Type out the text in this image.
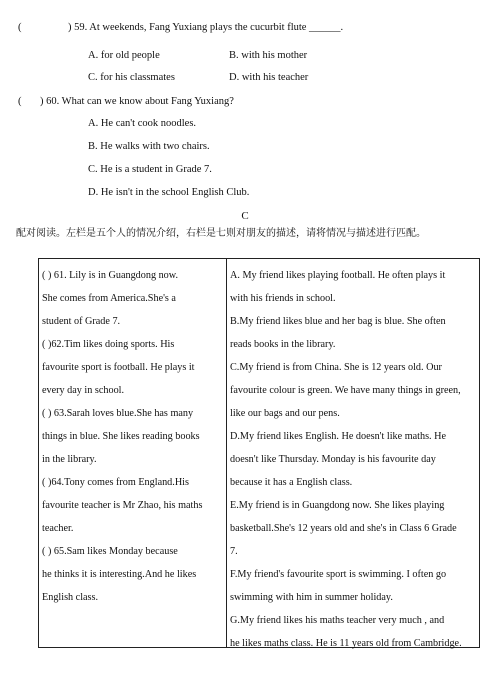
(	) 59. At weekends, Fang Yuxiang plays the cucurbit flute ______.
A. for old people	B. with his mother
C. for his classmates	D. with his teacher
( ) 60. What can we know about Fang Yuxiang?
A. He can't cook noodles.
B. He walks with two chairs.
C. He is a student in Grade 7.
D. He isn't in the school English Club.
C
配对阅读。左栏是五个人的情况介绍，右栏是七则对朋友的描述，请将情况与描述进行匹配。
( ) 61. Lily is in Guangdong now.
She comes from America.She's a
student of Grade 7.
( )62.Tim likes doing sports. His
favourite sport is football. He plays it
every day in school.
( ) 63.Sarah loves blue.She has many
things in blue. She likes reading books
in the library.
( )64.Tony comes from England.His
favourite teacher is Mr Zhao, his maths
teacher.
( ) 65.Sam likes Monday because
he thinks it is interesting.And he likes
English class.
A. My friend likes playing football. He often plays it
with his friends in school.
B.My friend likes blue and her bag is blue. She often
reads books in the library.
C.My friend is from China. She is 12 years old. Our
favourite colour is green. We have many things in green,
like our bags and our pens.
D.My friend likes English. He doesn't like maths. He
doesn't like Thursday. Monday is his favourite day
because it has a English class.
E.My friend is in Guangdong now. She likes playing
basketball.She's 12 years old and she's in Class 6 Grade
7.
F.My friend's favourite sport is swimming. I often go
swimming with him in summer holiday.
G.My friend likes his maths teacher very much , and
he likes maths class. He is 11 years old from Cambridge.
